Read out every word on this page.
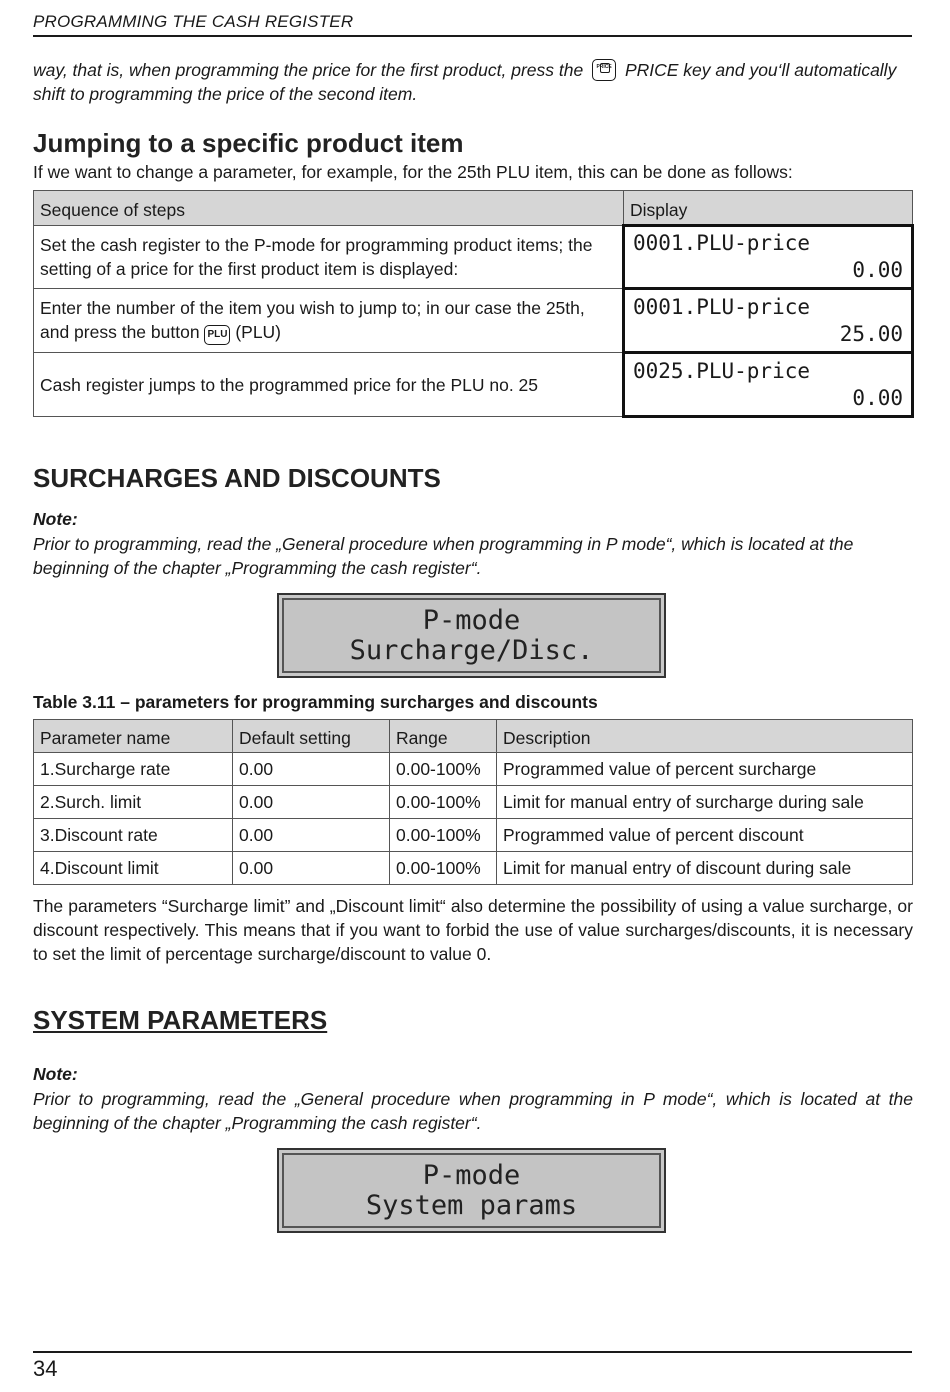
PROGRAMMING THE CASH REGISTER
way, that is, when programming the price for the first product, press the	PRICE PRICE key and you‘ll automatically shift to programming the price of the second item.
Jumping to a specific product item
If we want to change a parameter, for example, for the 25th PLU item, this can be done as follows:
Sequence of steps	Display
Set the cash register to the P-mode for programming product items; the setting of a price for the first product item is displayed:	0001.PLU-price
0.00

Enter the number of the item you wish to jump to; in our case the 25th, and press the button PLU (PLU)	0001.PLU-price
25.00

Cash register jumps to the programmed price for the PLU no. 25	0025.PLU-price
0.00
SURCHARGES AND DISCOUNTS
Note:
Prior to programming, read the „General procedure when programming in P mode“, which is located at the beginning of the chapter „Programming the cash register“.
P-mode
Surcharge/Disc.
Table 3.11 – parameters for programming surcharges and discounts
Parameter name	Default setting	Range	Description
1.Surcharge rate	0.00	0.00-100%	Programmed value of percent surcharge
2.Surch. limit	0.00	0.00-100%	Limit for manual entry of surcharge during sale
3.Discount rate	0.00	0.00-100%	Programmed value of percent discount
4.Discount limit	0.00	0.00-100%	Limit for manual entry of discount during sale
The parameters “Surcharge limit” and „Discount limit“ also determine the possibility of using a value surcharge, or discount respectively. This means that if you want to forbid the use of value surcharges/discounts, it is necessary to set the limit of percentage surcharge/discount to value 0.
SYSTEM PARAMETERS
Note:
Prior to programming, read the „General procedure when programming in P mode“, which is located at the beginning of the chapter „Programming the cash register“.
P-mode
System params
34
